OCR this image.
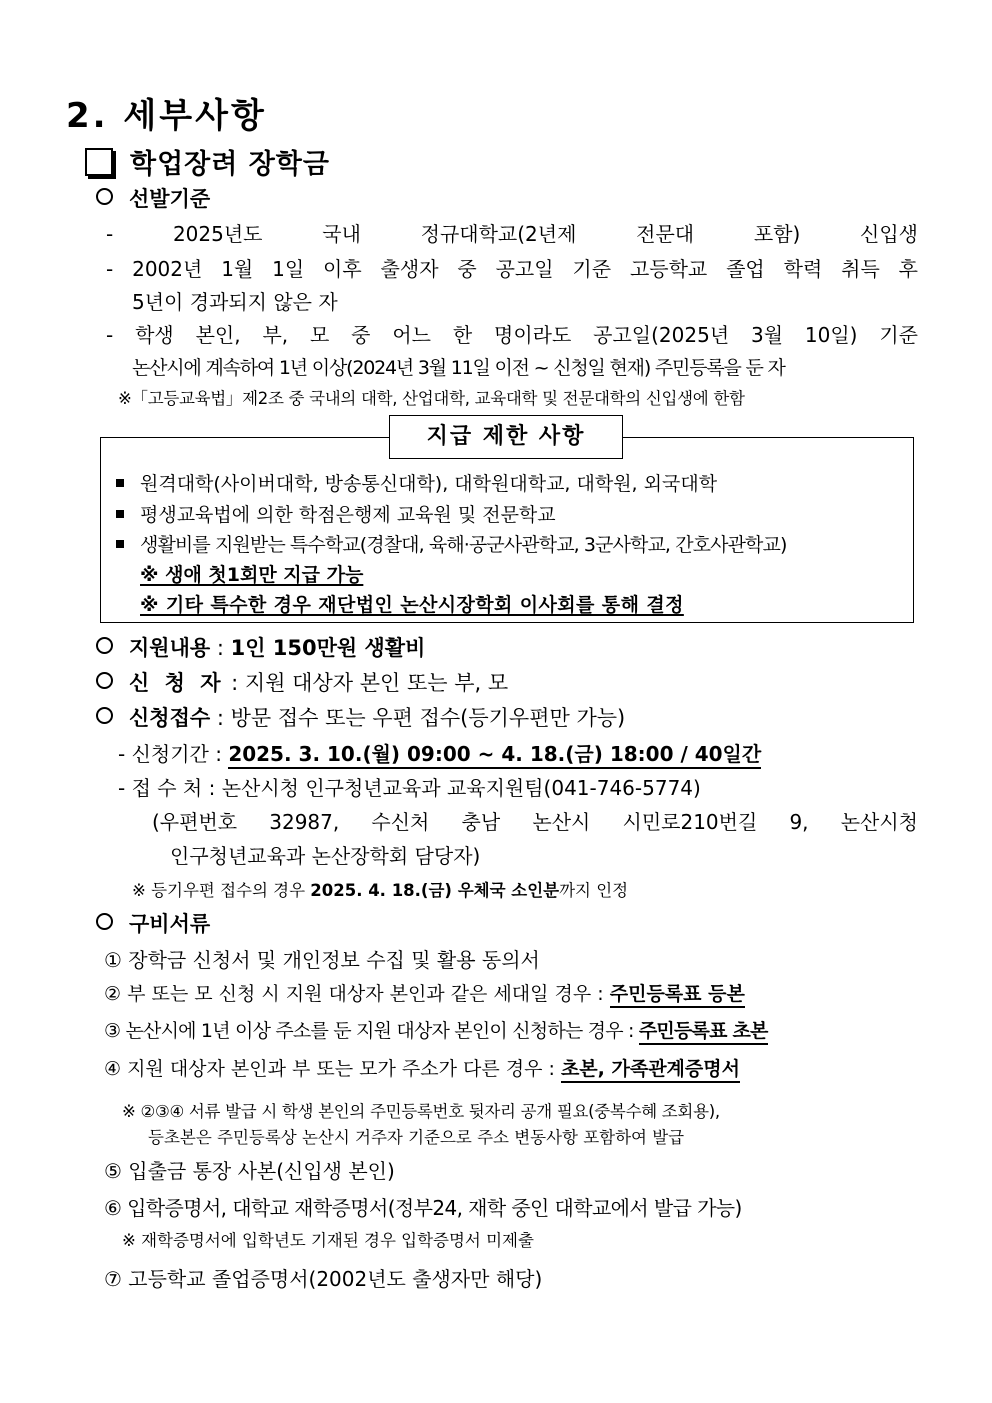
2. 세부사항
학업장려 장학금
선발기준
- 2025년도 국내 정규대학교(2년제 전문대 포함) 신입생
- 2002년 1월 1일 이후 출생자 중 공고일 기준 고등학교 졸업 학력 취득 후
5년이 경과되지 않은 자
- 학생 본인, 부, 모 중 어느 한 명이라도 공고일(2025년 3월 10일) 기준
논산시에 계속하여 1년 이상(2024년 3월 11일 이전 ~ 신청일 현재) 주민등록을 둔 자
※「고등교육법」제2조 중 국내의 대학, 산업대학, 교육대학 및 전문대학의 신입생에 한함
지급 제한 사항
원격대학(사이버대학, 방송통신대학), 대학원대학교, 대학원, 외국대학
평생교육법에 의한 학점은행제 교육원 및 전문학교
생활비를 지원받는 특수학교(경찰대, 육해·공군사관학교, 3군사학교, 간호사관학교)
※ 생애 첫1회만 지급 가능
※ 기타 특수한 경우 재단법인 논산시장학회 이사회를 통해 결정
지원내용 : 1인 150만원 생활비
신 청 자 : 지원 대상자 본인 또는 부, 모
신청접수 : 방문 접수 또는 우편 접수(등기우편만 가능)
- 신청기간 : 2025. 3. 10.(월) 09:00 ~ 4. 18.(금) 18:00 / 40일간
- 접 수 처 : 논산시청 인구청년교육과 교육지원팀(041-746-5774)
(우편번호 32987, 수신처 충남 논산시 시민로210번길 9, 논산시청
인구청년교육과 논산장학회 담당자)
※ 등기우편 접수의 경우 2025. 4. 18.(금) 우체국 소인분까지 인정
구비서류
① 장학금 신청서 및 개인정보 수집 및 활용 동의서
② 부 또는 모 신청 시 지원 대상자 본인과 같은 세대일 경우 : 주민등록표 등본
③ 논산시에 1년 이상 주소를 둔 지원 대상자 본인이 신청하는 경우 : 주민등록표 초본
④ 지원 대상자 본인과 부 또는 모가 주소가 다른 경우 : 초본, 가족관계증명서
※ ②③④ 서류 발급 시 학생 본인의 주민등록번호 뒷자리 공개 필요(중복수혜 조회용),
등초본은 주민등록상 논산시 거주자 기준으로 주소 변동사항 포함하여 발급
⑤ 입출금 통장 사본(신입생 본인)
⑥ 입학증명서, 대학교 재학증명서(정부24, 재학 중인 대학교에서 발급 가능)
※ 재학증명서에 입학년도 기재된 경우 입학증명서 미제출
⑦ 고등학교 졸업증명서(2002년도 출생자만 해당)
